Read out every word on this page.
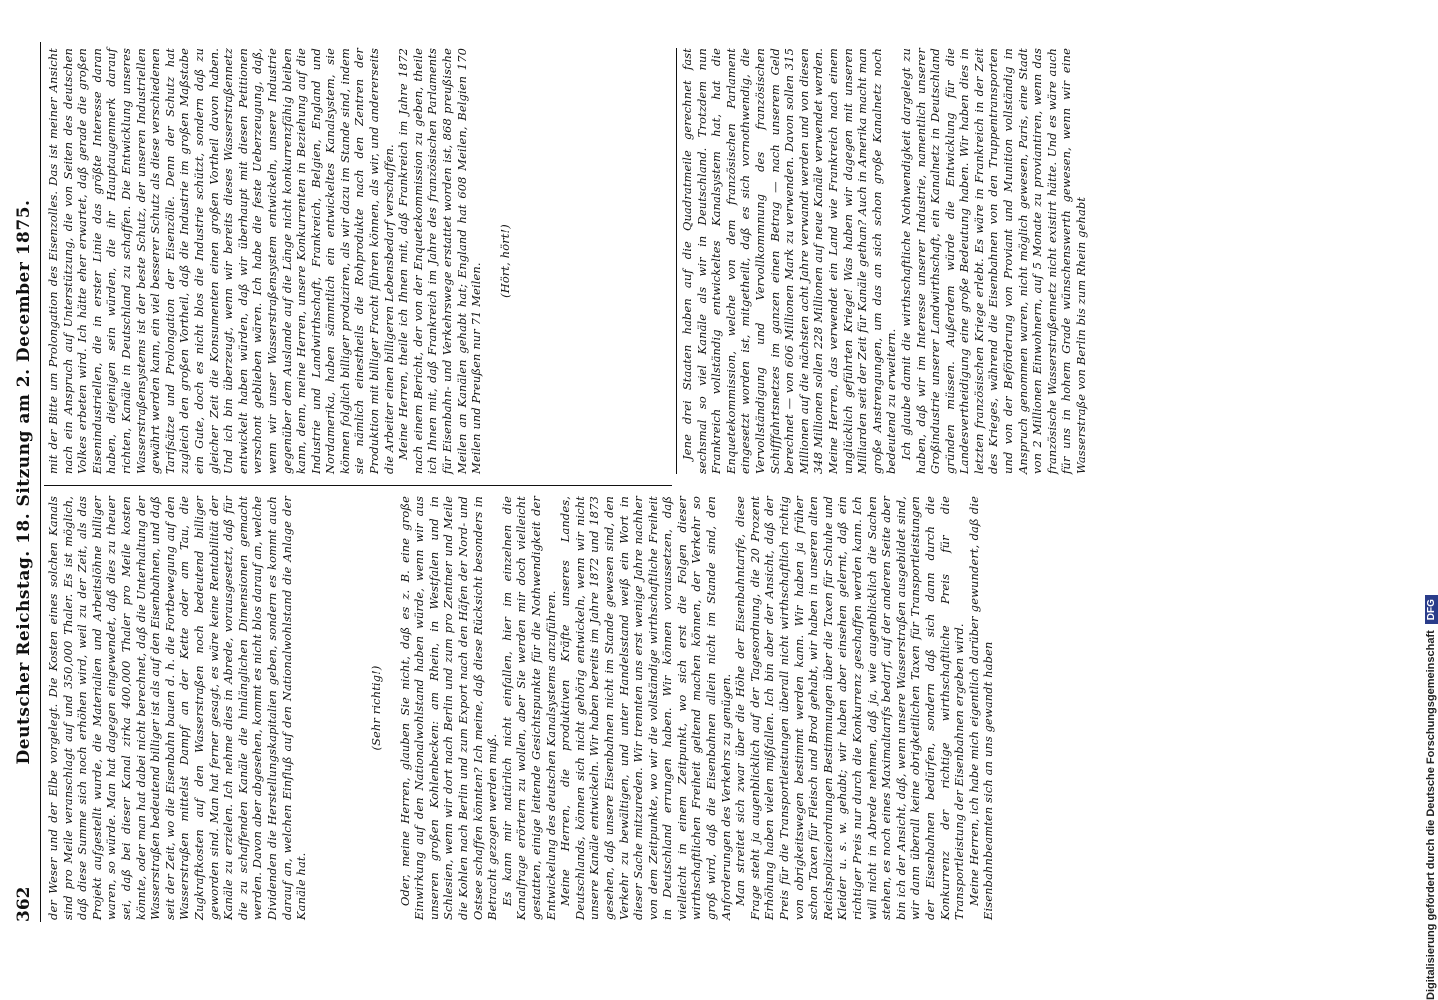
362
Deutscher Reichstag. 18. Sitzung am 2. December 1875. der Weser und der Elbe vorgelegt. Die Kosten eines solchen Kanals sind pro Meile veranschlagt auf und 350,000 Thaler. Es ist möglich, daß diese Summe sich noch erhöhen wird, weil zu der Zeit, als das Projekt aufgestellt wurde, die Materialien und Arbeitslöhne billiger waren, so würde. Man hat dagegen eingewendet, daß dies zu theuer sei, daß bei dieser Kanal zirka 400,000 Thaler pro Meile kosten könnte, oder man hat dabei nicht berechnet, daß die Unterhaltung der Wasserstraßen bedeutend billiger ist als auf den Eisenbahnen, und daß seit der Zeit, wo die Eisenbahn bauen d. h. die Fortbewegung auf den Wasserstraßen mittelst Dampf an der Kette oder am Tau, die Zugkraftkosten auf den Wasserstraßen noch bedeutend billiger geworden sind. Man hat ferner gesagt, es wäre keine Rentabilität der Kanäle zu erzielen. Ich nehme dies in Abrede, vorausgesetzt, daß für die zu schaffenden Kanäle die hinlänglichen Dimensionen gemacht werden. Davon aber abgesehen, kommt es nicht blos darauf an, welche Dividenden die Herstellungskapitalien geben, sondern es kommt auch darauf an, welchen Einfluß auf den Nationalwohlstand die Anlage der Kanäle hat.

(Sehr richtig!) Oder, meine Herren, glauben Sie nicht, daß es z. B. eine große Einwirkung auf den Nationalwohlstand haben würde, wenn wir aus unseren großen Kohlenbecken: am Rhein, in Westfalen und in Schlesien, wenn wir dort nach Berlin und zum pro Zentner und Meile die Kohlen nach Berlin und zum Export nach den Häfen der Nord- und Ostsee schaffen könnten? Ich meine, daß diese Rücksicht besonders in Betracht gezogen werden muß. Es kann mir natürlich nicht einfallen, hier im einzelnen die Kanalfrage erörtern zu wollen, aber Sie werden mir doch vielleicht gestatten, einige leitende Gesichtspunkte für die Nothwendigkeit der Entwickelung des deutschen Kanalsystems anzuführen. Meine Herren, die produktiven Kräfte unseres Landes, Deutschlands, können sich nicht gehörig entwickeln, wenn wir nicht unsere Kanäle entwickeln. Wir haben bereits im Jahre 1872 und 1873 gesehen, daß unsere Eisenbahnen nicht im Stande gewesen sind, den Verkehr zu bewältigen, und unter Handelsstand weiß ein Wort in dieser Sache mitzureden. Wir trennten uns erst wenige Jahre nachher von dem Zeitpunkte, wo wir die vollständige wirthschaftliche Freiheit in Deutschland errungen haben. Wir können voraussetzen, daß vielleicht in einem Zeitpunkt, wo sich erst die Folgen dieser wirthschaftlichen Freiheit geltend machen können, der Verkehr so groß wird, daß die Eisenbahnen allein nicht im Stande sind, den Anforderungen des Verkehrs zu genügen. Man streitet sich zwar über die Höhe der Eisenbahntarife, diese Frage steht ja augenblicklich auf der Tagesordnung, die 20 Prozent Erhöhung haben vielen mißfallen. Ich bin aber der Ansicht, daß der Preis für die Transportleistungen überall nicht wirthschaftlich richtig von obrigkeitswegen bestimmt werden kann. Wir haben ja früher schon Taxen für Fleisch und Brod gehabt, wir haben in unseren alten Reichspolizeiordnungen Bestimmungen über die Taxen für Schuhe und Kleider u. s. w. gehabt; wir haben aber einsehen gelernt, daß ein richtiger Preis nur durch die Konkurrenz geschaffen werden kann. Ich will nicht in Abrede nehmen, daß ja, wie augenblicklich die Sachen stehen, es noch eines Maximaltarifs bedarf, auf der anderen Seite aber bin ich der Ansicht, daß, wenn unsere Wasserstraßen ausgebildet sind, wir dann überall keine obrigkeitlichen Taxen für Transportleistungen der Eisenbahnen bedürfen, sondern daß sich dann durch die Konkurrenz der richtige wirthschaftliche Preis für die Transportleistung der Eisenbahnen ergeben wird. Meine Herren, ich habe mich eigentlich darüber gewundert, daß die Eisenbahnbeamten sich an uns gewandt haben

mit der Bitte um Prolongation des Eisenzolles. Das ist meiner Ansicht nach ein Anspruch auf Unterstützung, die von Seiten des deutschen Volkes erbeten wird. Ich hätte eher erwartet, daß gerade die großen Eisenindustriellen, die in erster Linie das größte Interesse daran haben, diejenigen sein würden, die ihr Hauptaugenmerk darauf richten, Kanäle in Deutschland zu schaffen. Die Entwicklung unseres Wasserstraßensystems ist der beste Schutz, der unseren Industriellen gewährt werden kann, ein viel besserer Schutz als diese verschiedenen Tarifsätze und Prolongation der Eisenzölle. Denn der Schutz hat zugleich den großen Vortheil, daß die Industrie im großen Maßstabe ein Gute, doch es nicht blos die Industrie schützt, sondern daß zu gleicher Zeit die Konsumenten einen großen Vortheil davon haben. Und ich bin überzeugt, wenn wir bereits dieses Wasserstraßennetz entwickelt haben würden, daß wir überhaupt mit diesen Petitionen verschont geblieben wären. Ich habe die feste Ueberzeugung, daß, wenn wir unser Wasserstraßensystem entwickeln, unsere Industrie gegenüber dem Auslande auf die Länge nicht konkurrenzfähig bleiben kann, denn, meine Herren, unsere Konkurrenten in Beziehung auf die Industrie und Landwirthschaft, Frankreich, Belgien, England und Nordamerika, haben sämmtlich ein entwickeltes Kanalsystem, sie können folglich billiger produziren, als wir dazu im Stande sind, indem sie nämlich einestheils die Rohprodukte nach den Zentren der Produktion mit billiger Fracht führen können, als wir, und andererseits die Arbeiter einen billigeren Lebensbedarf verschaffen. Meine Herren, theile ich Ihnen mit, daß Frankreich im Jahre 1872 nach einem Bericht, der von der Enquetekommission zu geben, theile ich Ihnen mit, daß Frankreich im Jahre des französischen Parlaments für Eisenbahn- und Verkehrswege erstattet worden ist, 868 preußische Meilen an Kanälen gehabt hat; England hat 608 Meilen, Belgien 170 Meilen und Preußen nur 71 Meilen.

(Hört, hört!)	Jene drei Staaten haben auf die Quadratmeile gerechnet fast sechsmal so viel Kanäle als wir in Deutschland. Trotzdem nun Frankreich vollständig entwickeltes Kanalsystem hat, hat die Enquetekommission, welche von dem französischen Parlament eingesetzt worden ist, mitgetheilt, daß es sich vornothwendig, die Vervollständigung und Vervollkommnung des französischen Schifffahrtsnetzes im ganzen einen Betrag — nach unserem Geld berechnet — von 606 Millionen Mark zu verwenden. Davon sollen 315 Millionen auf die nächsten acht Jahre verwandt werden und von diesen 348 Millionen sollen 228 Millionen auf neue Kanäle verwendet werden. Meine Herren, das verwendet ein Land wie Frankreich nach einem unglücklich geführten Kriege! Was haben wir dagegen mit unseren Milliarden seit der Zeit für Kanäle gethan? Auch in Amerika macht man große Anstrengungen, um das an sich schon große Kanalnetz noch bedeutend zu erweitern. Ich glaube damit die wirthschaftliche Nothwendigkeit dargelegt zu haben, daß wir im Interesse unserer Industrie, namentlich unserer Großindustrie unserer Landwirthschaft, ein Kanalnetz in Deutschland gründen müssen. Außerdem würde die Entwicklung für die Landesvertheidigung eine große Bedeutung haben. Wir haben dies in letzten französischen Kriege erlebt. Es wäre in Frankreich in der Zeit des Krieges, während die Eisenbahnen von den Truppentransporten und von der Beförderung von Proviant und Munition vollständig in Anspruch genommen waren, nicht möglich gewesen, Paris, eine Stadt von 2 Millionen Einwohnern, auf 5 Monate zu proviantiren, wenn das französische Wasserstraßennetz nicht existirt hätte. Und es wäre auch für uns in hohem Grade wünschenswerth gewesen, wenn wir eine Wasserstraße von Berlin bis zum Rhein gehabt

Digitalisierung gefördert durch die Deutsche ForschungsgemeinschaftDFG
